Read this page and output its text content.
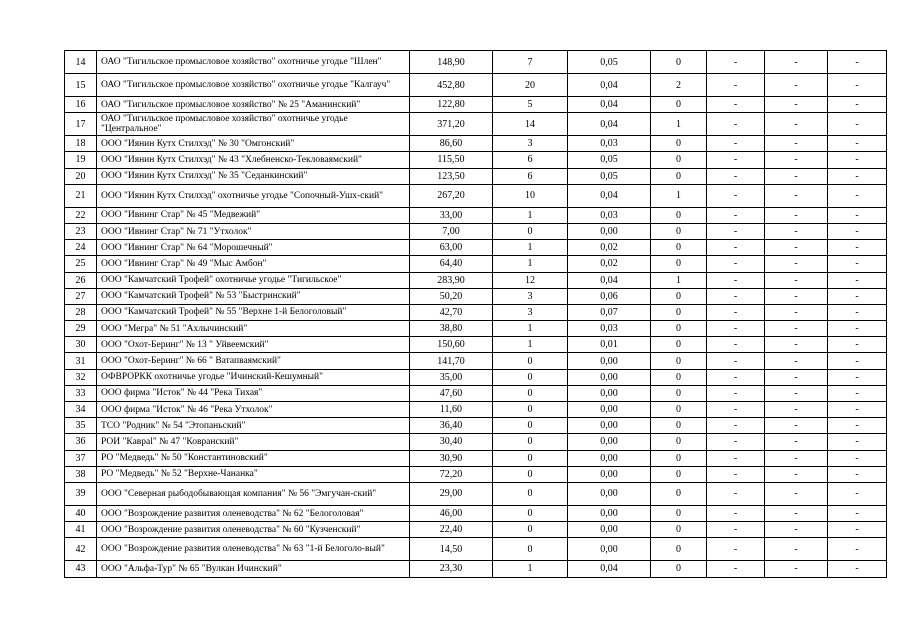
14	ОАО "Тигильское промысловое хозяйство" охотничье угодье "Шлен"	148,90	7	0,05	0	-	-	-
15	ОАО "Тигильское промысловое хозяйство" охотничье угодье "Калгауч"	452,80	20	0,04	2	-	-	-
16	ОАО "Тигильское промысловое хозяйство" № 25 "Аманинский"	122,80	5	0,04	0	-	-	-
17	ОАО "Тигильское промысловое хозяйство" охотничье угодье "Центральное"	371,20	14	0,04	1	-	-	-
18	ООО "Иянин Кутх Стилхэд" № 30 "Омгонский"	86,60	3	0,03	0	-	-	-
19	ООО "Иянин Кутх Стилхэд" № 43 "Хлебненско-Текловаямский"	115,50	6	0,05	0	-	-	-
20	ООО "Иянин Кутх Стилхэд" № 35 "Седанкинский"	123,50	6	0,05	0	-	-	-
21	ООО "Иянин Кутх Стилхэд" охотничье угодье "Сопочный-Ушх-ский"	267,20	10	0,04	1	-	-	-
22	ООО "Ивнинг Стар" № 45 "Медвежий"	33,00	1	0,03	0	-	-	-
23	ООО "Ивнинг Стар" № 71 "Утхолок"	7,00	0	0,00	0	-	-	-
24	ООО "Ивнинг Стар" № 64 "Морошечный"	63,00	1	0,02	0	-	-	-
25	ООО "Ивнинг Стар" № 49 "Мыс Амбон"	64,40	1	0,02	0	-	-	-
26	ООО "Камчатский Трофей" охотничье угодье "Тигильское"	283,90	12	0,04	1	-	-	-
27	ООО "Камчатский Трофей" № 53 "Быстринский"	50,20	3	0,06	0	-	-	-
28	ООО "Камчатский Трофей" № 55 "Верхне 1-й Белоголовый"	42,70	3	0,07	0	-	-	-
29	ООО "Мегра" № 51 "Ахлычинский"	38,80	1	0,03	0	-	-	-
30	ООО "Охот-Беринг" № 13 " Уйвеемский"	150,60	1	0,01	0	-	-	-
31	ООО "Охот-Беринг" № 66 " Ватапваямский"	141,70	0	0,00	0	-	-	-
32	ОФВРОРКК охотничье угодье "Ичинский-Кешумный"	35,00	0	0,00	0	-	-	-
33	ООО фирма "Исток" № 44 "Река Тихая"	47,60	0	0,00	0	-	-	-
34	ООО фирма "Исток" № 46 "Река Утхолок"	11,60	0	0,00	0	-	-	-
35	ТСО "Родник" № 54 "Этопаньский"	36,40	0	0,00	0	-	-	-
36	РОИ "Кавраl" № 47 "Ковранский"	30,40	0	0,00	0	-	-	-
37	РО "Медведь" № 50 "Константиновский"	30,90	0	0,00	0	-	-	-
38	РО "Медведь" № 52 "Верхне-Чананка"	72,20	0	0,00	0	-	-	-
39	ООО "Северная рыбодобывающая компания" № 56 "Эмгучан-ский"	29,00	0	0,00	0	-	-	-
40	ООО "Возрождение развития оленеводства" № 62 "Белоголовая"	46,00	0	0,00	0	-	-	-
41	ООО "Возрождение развития оленеводства" № 60 "Кузченский"	22,40	0	0,00	0	-	-	-
42	ООО "Возрождение развития оленеводства" № 63 "1-й Белоголо-вый"	14,50	0	0,00	0	-	-	-
43	ООО "Альфа-Тур" № 65 "Вулкан Ичинский"	23,30	1	0,04	0	-	-	-
